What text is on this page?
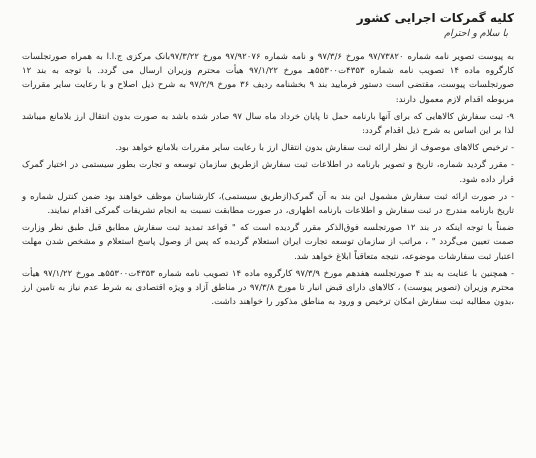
کلیه گمرکات اجرایی کشور
با سلام و احترام

به پیوست تصویر نامه شماره ۹۷/۷۳۸۲۰ مورخ ۹۷/۳/۶ و نامه شماره ۹۷/۹۲۰۷۶ مورخ ۹۷/۳/۲۲بانک مرکزی ج.ا.ا به همراه صورتجلسات کارگروه ماده ۱۴ تصویب نامه شماره ۴۳۵۳ت۵۵۳۰۰هـ مورخ ۹۷/۱/۲۲ هیأت محترم وزیران ارسال می گردد. با توجه به بند ۱۲ صورتجلسات پیوست، مقتضی است دستور فرمایید بند ۹ بخشنامه ردیف ۳۶ مورخ ۹۷/۲/۹ به شرح ذیل اصلاح و با رعایت سایر مقررات مربوطه اقدام لازم معمول دارند:

۹- ثبت سفارش کالاهایی که برای آنها بارنامه حمل تا پایان خرداد ماه سال ۹۷ صادر شده باشد به صورت بدون انتقال ارز بلامانع میباشد لذا بر این اساس به شرح ذیل اقدام گردد:

- ترخیص کالاهای موصوف از نظر ارائه ثبت سفارش بدون انتقال ارز با رعایت سایر مقررات بلامانع خواهد بود.

- مقرر گردید شماره، تاریخ و تصویر بارنامه در اطلاعات ثبت سفارش ازطریق سازمان توسعه و تجارت بطور سیستمی در اختیار گمرک قرار داده شود.

- در صورت ارائه ثبت سفارش مشمول این بند به آن گمرک(ازطریق سیستمی)، کارشناسان موظف خواهند بود ضمن کنترل شماره و تاریخ بارنامه مندرج در ثبت سفارش و اطلاعات بارنامه اظهاری، در صورت مطابقت نسبت به انجام تشریفات گمرکی اقدام نمایند.

ضمناً با توجه اینکه در بند ۱۲ صورتجلسه فوق‌الذکر مقرر گردیده است که " قواعد تمدید ثبت سفارش مطابق قبل طبق نظر وزارت صمت تعیین می‌گردد " ، مراتب از سازمان توسعه تجارت ایران استعلام گردیده که پس از وصول پاسخ استعلام و مشخص شدن مهلت اعتبار ثبت سفارشات موضوعه، نتیجه متعاقباً ابلاغ خواهد شد.

- همچنین با عنایت به بند ۴ صورتجلسه هفدهم مورخ ۹۷/۳/۹ کارگروه ماده ۱۴ تصویب نامه شماره ۴۳۵۳ت۵۵۳۰۰هـ مورخ ۹۷/۱/۲۲ هیأت محترم وزیران (تصویر پیوست) ، کالاهای دارای قبض انبار تا مورخ ۹۷/۳/۸ در مناطق آزاد و ویژه اقتصادی به شرط عدم نیاز به تامین ارز ،بدون مطالبه ثبت سفارش امکان ترخیص و ورود به مناطق مذکور را خواهند داشت.
